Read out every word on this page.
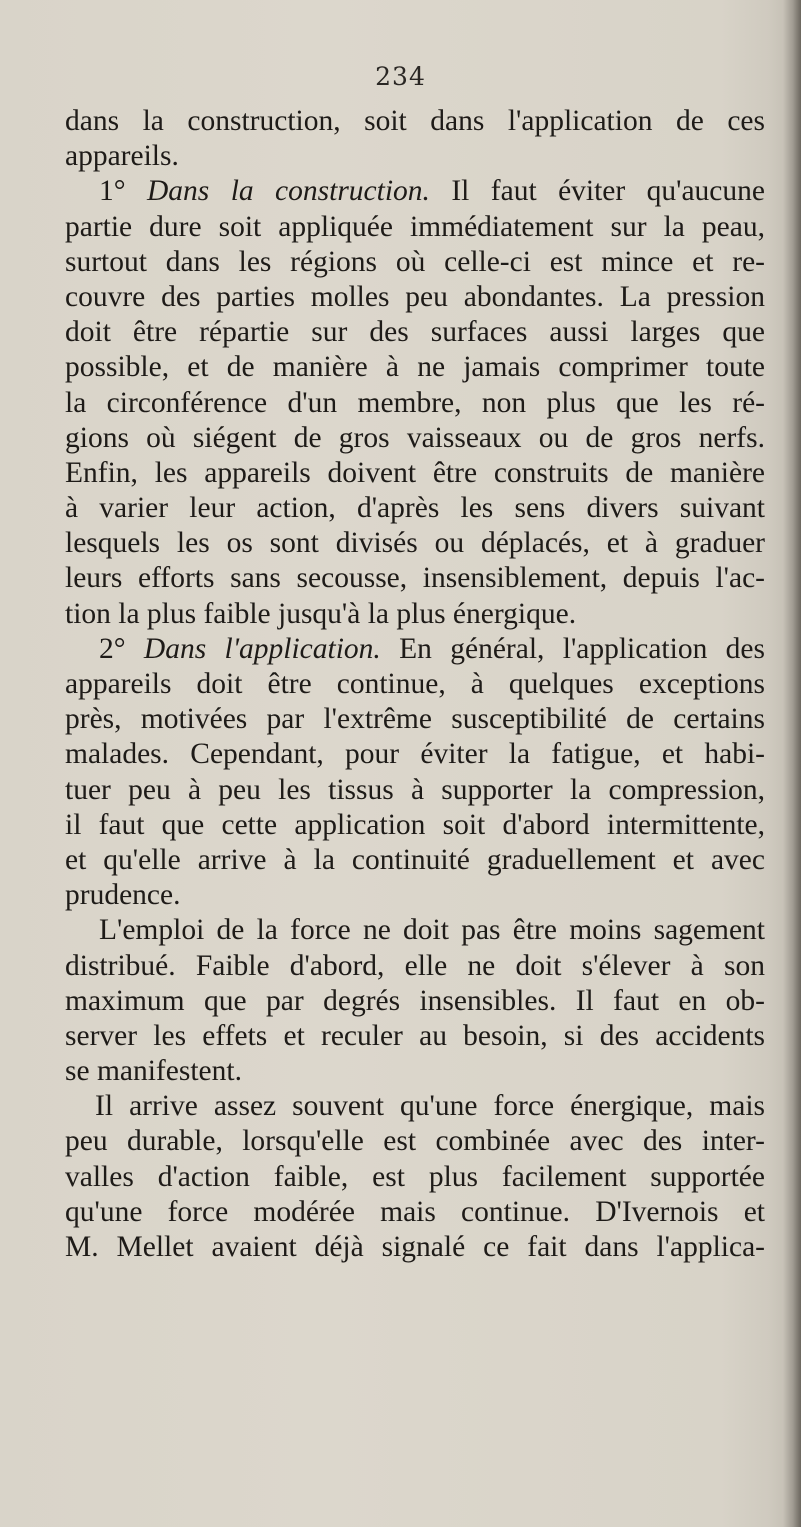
234
dans la construction, soit dans l'application de ces
appareils.
1° Dans la construction. Il faut éviter qu'aucune
partie dure soit appliquée immédiatement sur la peau,
surtout dans les régions où celle-ci est mince et re-
couvre des parties molles peu abondantes. La pression
doit être répartie sur des surfaces aussi larges que
possible, et de manière à ne jamais comprimer toute
la circonférence d'un membre, non plus que les ré-
gions où siégent de gros vaisseaux ou de gros nerfs.
Enfin, les appareils doivent être construits de manière
à varier leur action, d'après les sens divers suivant
lesquels les os sont divisés ou déplacés, et à graduer
leurs efforts sans secousse, insensiblement, depuis l'ac-
tion la plus faible jusqu'à la plus énergique.
2° Dans l'application. En général, l'application des
appareils doit être continue, à quelques exceptions
près, motivées par l'extrême susceptibilité de certains
malades. Cependant, pour éviter la fatigue, et habi-
tuer peu à peu les tissus à supporter la compression,
il faut que cette application soit d'abord intermittente,
et qu'elle arrive à la continuité graduellement et avec
prudence.
L'emploi de la force ne doit pas être moins sagement
distribué. Faible d'abord, elle ne doit s'élever à son
maximum que par degrés insensibles. Il faut en ob-
server les effets et reculer au besoin, si des accidents
se manifestent.
Il arrive assez souvent qu'une force énergique, mais
peu durable, lorsqu'elle est combinée avec des inter-
valles d'action faible, est plus facilement supportée
qu'une force modérée mais continue. D'Ivernois et
M. Mellet avaient déjà signalé ce fait dans l'applica-
